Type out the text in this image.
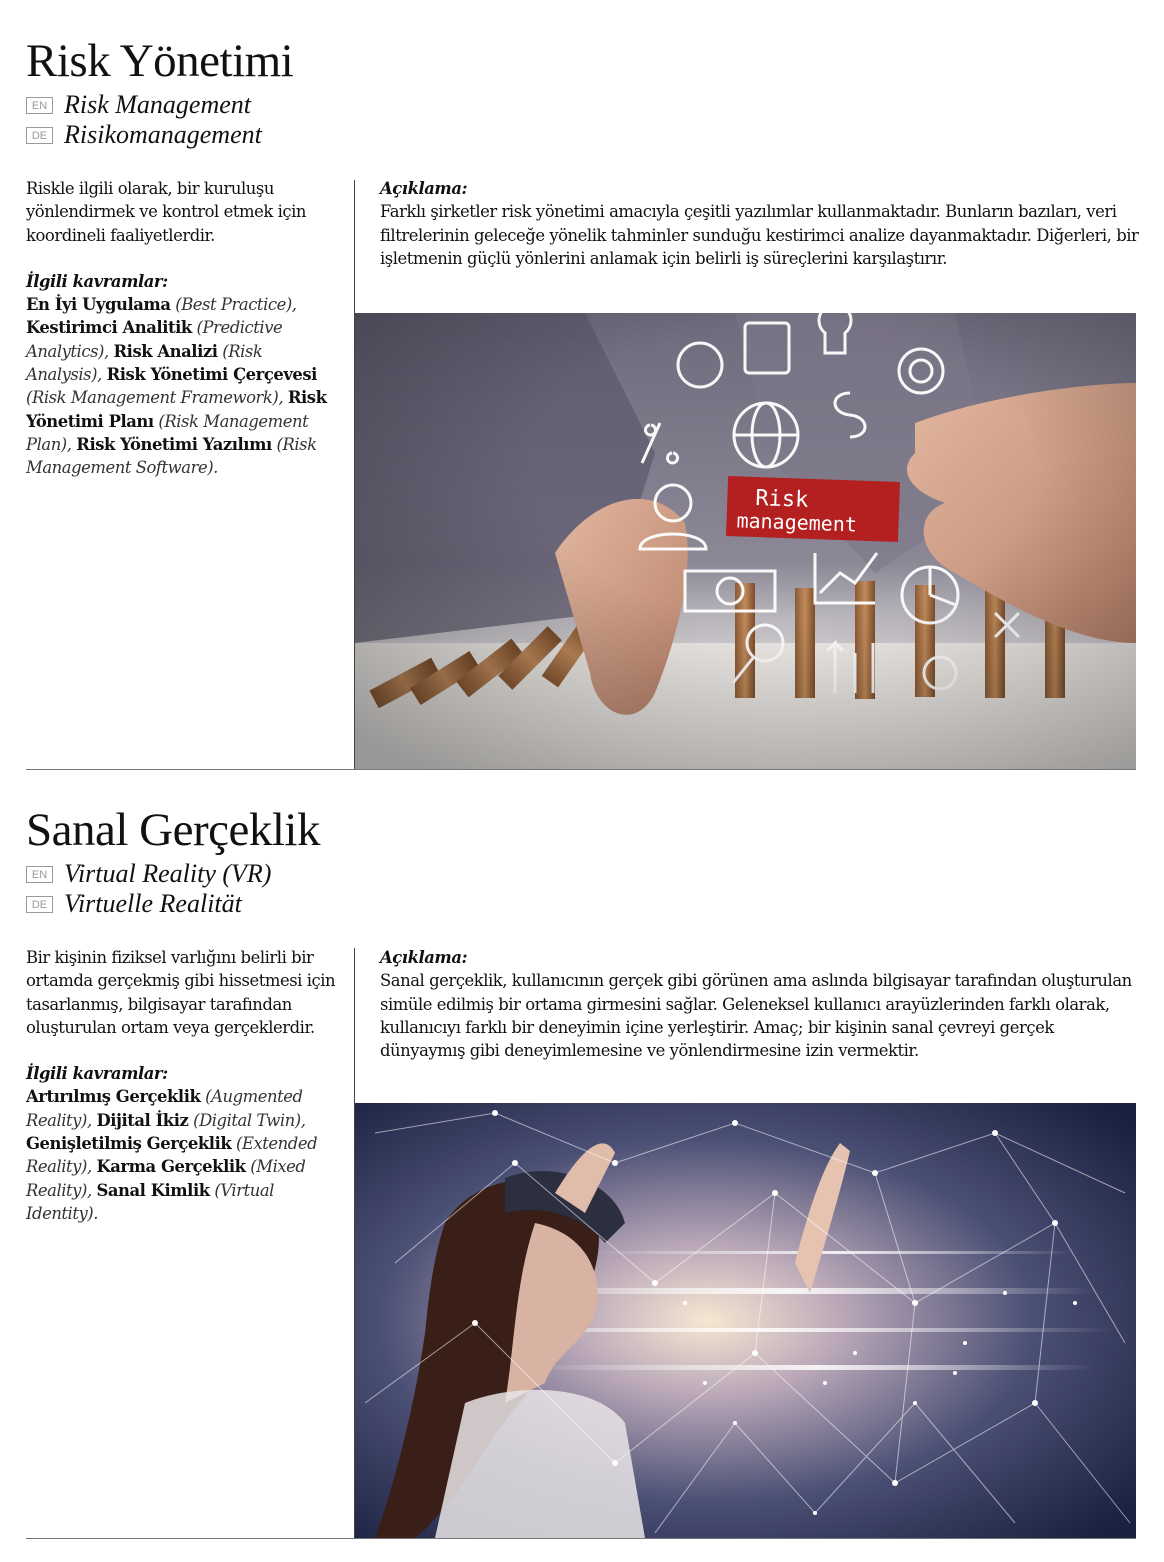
Risk Yönetimi
EN Risk Management
DE Risikomanagement

Riskle ilgili olarak, bir kuruluşu yönlendirmek ve kontrol etmek için koordineli faaliyetlerdir.

İlgili kavramlar:

En İyi Uygulama (Best Practice), Kestirimci Analitik (Predictive Analytics), Risk Analizi (Risk Analysis), Risk Yönetimi Çerçevesi (Risk Management Framework), Risk Yönetimi Planı (Risk Management Plan), Risk Yönetimi Yazılımı (Risk Management Software).

Açıklama:

Farklı şirketler risk yönetimi amacıyla çeşitli yazılımlar kullanmaktadır. Bunların bazıları, veri filtrelerinin geleceğe yönelik tahminler sunduğu kestirimci analize dayanmaktadır. Diğerleri, bir işletmenin güçlü yönlerini anlamak için belirli iş süreçlerini karşılaştırır.

Sanal Gerçeklik
EN Virtual Reality (VR)
DE Virtuelle Realität

Bir kişinin fiziksel varlığını belirli bir ortamda gerçekmiş gibi hissetmesi için tasarlanmış, bilgisayar tarafından oluşturulan ortam veya gerçeklerdir.

İlgili kavramlar:

Artırılmış Gerçeklik (Augmented Reality), Dijital İkiz (Digital Twin), Genişletilmiş Gerçeklik (Extended Reality), Karma Gerçeklik (Mixed Reality), Sanal Kimlik (Virtual Identity).

Açıklama:

Sanal gerçeklik, kullanıcının gerçek gibi görünen ama aslında bilgisayar tarafından oluşturulan simüle edilmiş bir ortama girmesini sağlar. Geleneksel kullanıcı arayüzlerinden farklı olarak, kullanıcıyı farklı bir deneyimin içine yerleştirir. Amaç; bir kişinin sanal çevreyi gerçek dünyaymış gibi deneyimlemesine ve yönlendirmesine izin vermektir.
